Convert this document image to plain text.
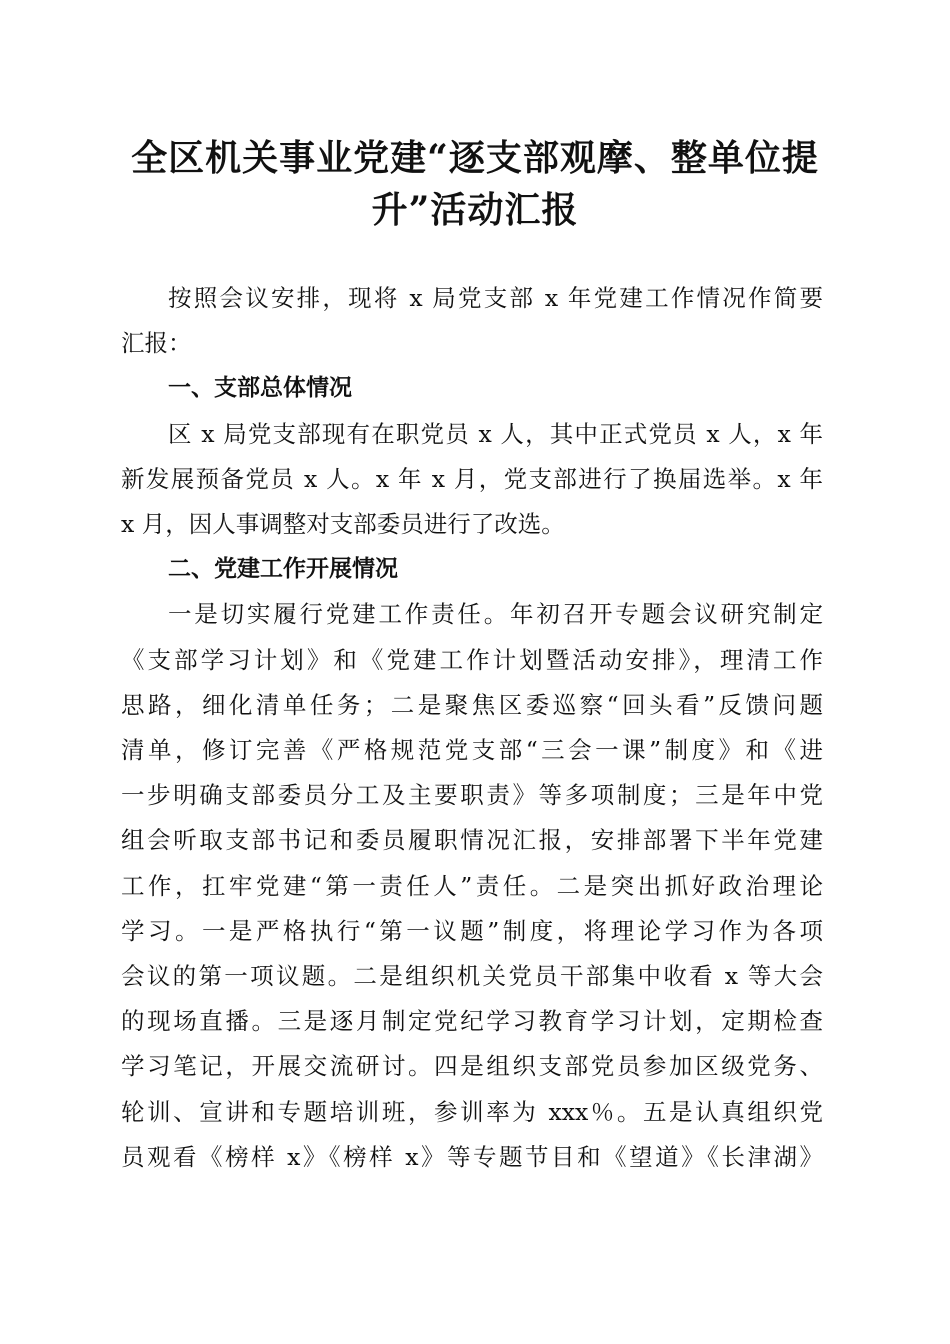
全区机关事业党建“逐支部观摩、整单位提
升”活动汇报
按照会议安排，现将 x 局党支部 x 年党建工作情况作简要
汇报：
一、支部总体情况
区 x 局党支部现有在职党员 x 人，其中正式党员 x 人，x 年
新发展预备党员 x 人。x 年 x 月，党支部进行了换届选举。x 年
x 月，因人事调整对支部委员进行了改选。
二、党建工作开展情况
一是切实履行党建工作责任。年初召开专题会议研究制定
《支部学习计划》和《党建工作计划暨活动安排》，理清工作
思路，细化清单任务；二是聚焦区委巡察“回头看”反馈问题
清单，修订完善《严格规范党支部“三会一课”制度》和《进
一步明确支部委员分工及主要职责》等多项制度；三是年中党
组会听取支部书记和委员履职情况汇报，安排部署下半年党建
工作，扛牢党建“第一责任人”责任。二是突出抓好政治理论
学习。一是严格执行“第一议题”制度，将理论学习作为各项
会议的第一项议题。二是组织机关党员干部集中收看 x 等大会
的现场直播。三是逐月制定党纪学习教育学习计划，定期检查
学习笔记，开展交流研讨。四是组织支部党员参加区级党务、
轮训、宣讲和专题培训班，参训率为 xxx％。五是认真组织党
员观看《榜样 x》《榜样 x》等专题节目和《望道》《长津湖》
